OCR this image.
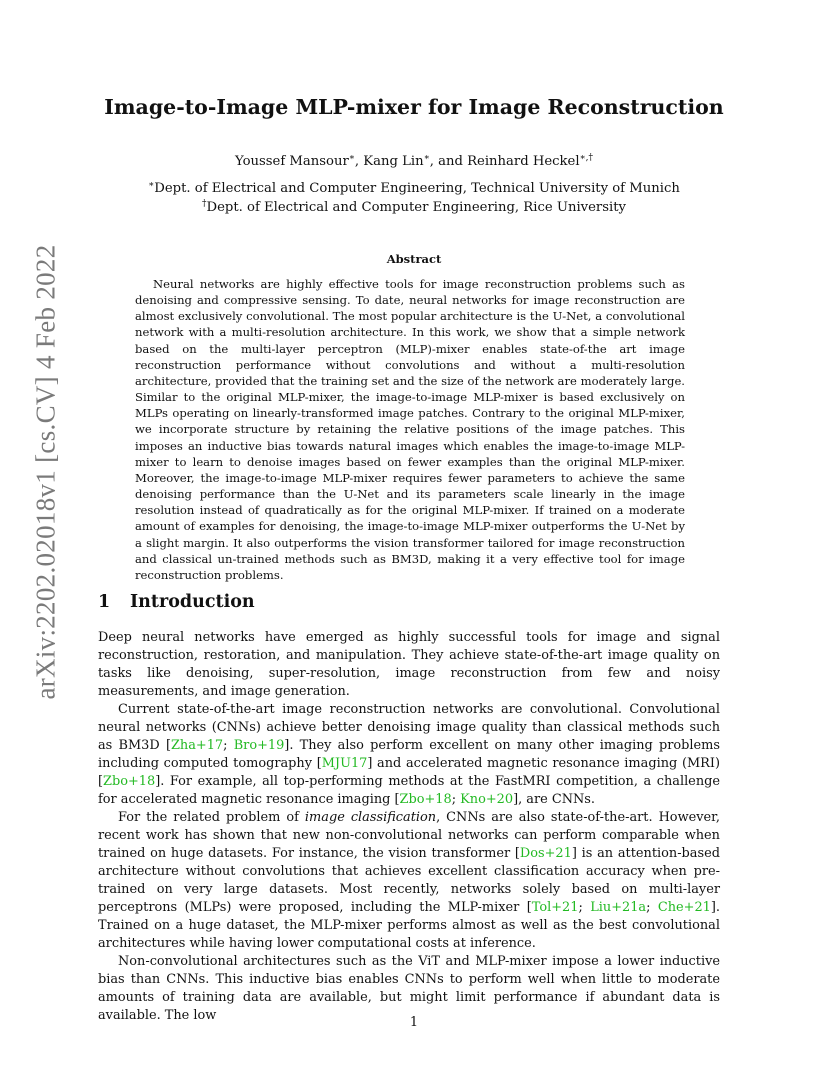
arXiv:2202.02018v1 [cs.CV] 4 Feb 2022
Image-to-Image MLP-mixer for Image Reconstruction
Youssef Mansour∗, Kang Lin∗, and Reinhard Heckel∗,†
∗Dept. of Electrical and Computer Engineering, Technical University of Munich
†Dept. of Electrical and Computer Engineering, Rice University
Abstract

Neural networks are highly effective tools for image reconstruction problems such as denoising and compressive sensing. To date, neural networks for image reconstruction are almost exclusively convolutional. The most popular architecture is the U-Net, a convolutional network with a multi-resolution architecture. In this work, we show that a simple network based on the multi-layer perceptron (MLP)-mixer enables state-of-the art image reconstruction performance without convolutions and without a multi-resolution architecture, provided that the training set and the size of the network are moderately large. Similar to the original MLP-mixer, the image-to-image MLP-mixer is based exclusively on MLPs operating on linearly-transformed image patches. Contrary to the original MLP-mixer, we incorporate structure by retaining the relative positions of the image patches. This imposes an inductive bias towards natural images which enables the image-to-image MLP-mixer to learn to denoise images based on fewer examples than the original MLP-mixer. Moreover, the image-to-image MLP-mixer requires fewer parameters to achieve the same denoising performance than the U-Net and its parameters scale linearly in the image resolution instead of quadratically as for the original MLP-mixer. If trained on a moderate amount of examples for denoising, the image-to-image MLP-mixer outperforms the U-Net by a slight margin. It also outperforms the vision transformer tailored for image reconstruction and classical un-trained methods such as BM3D, making it a very effective tool for image reconstruction problems.

1 Introduction

Deep neural networks have emerged as highly successful tools for image and signal reconstruction, restoration, and manipulation. They achieve state-of-the-art image quality on tasks like denoising, super-resolution, image reconstruction from few and noisy measurements, and image generation.

Current state-of-the-art image reconstruction networks are convolutional. Convolutional neural networks (CNNs) achieve better denoising image quality than classical methods such as BM3D [Zha+17; Bro+19]. They also perform excellent on many other imaging problems including computed tomography [MJU17] and accelerated magnetic resonance imaging (MRI) [Zbo+18]. For example, all top-performing methods at the FastMRI competition, a challenge for accelerated magnetic resonance imaging [Zbo+18; Kno+20], are CNNs.

For the related problem of image classification, CNNs are also state-of-the-art. However, recent work has shown that new non-convolutional networks can perform comparable when trained on huge datasets. For instance, the vision transformer [Dos+21] is an attention-based architecture without convolutions that achieves excellent classification accuracy when pre-trained on very large datasets. Most recently, networks solely based on multi-layer perceptrons (MLPs) were proposed, including the MLP-mixer [Tol+21; Liu+21a; Che+21]. Trained on a huge dataset, the MLP-mixer performs almost as well as the best convolutional architectures while having lower computational costs at inference.

Non-convolutional architectures such as the ViT and MLP-mixer impose a lower inductive bias than CNNs. This inductive bias enables CNNs to perform well when little to moderate amounts of training data are available, but might limit performance if abundant data is available. The low	1
